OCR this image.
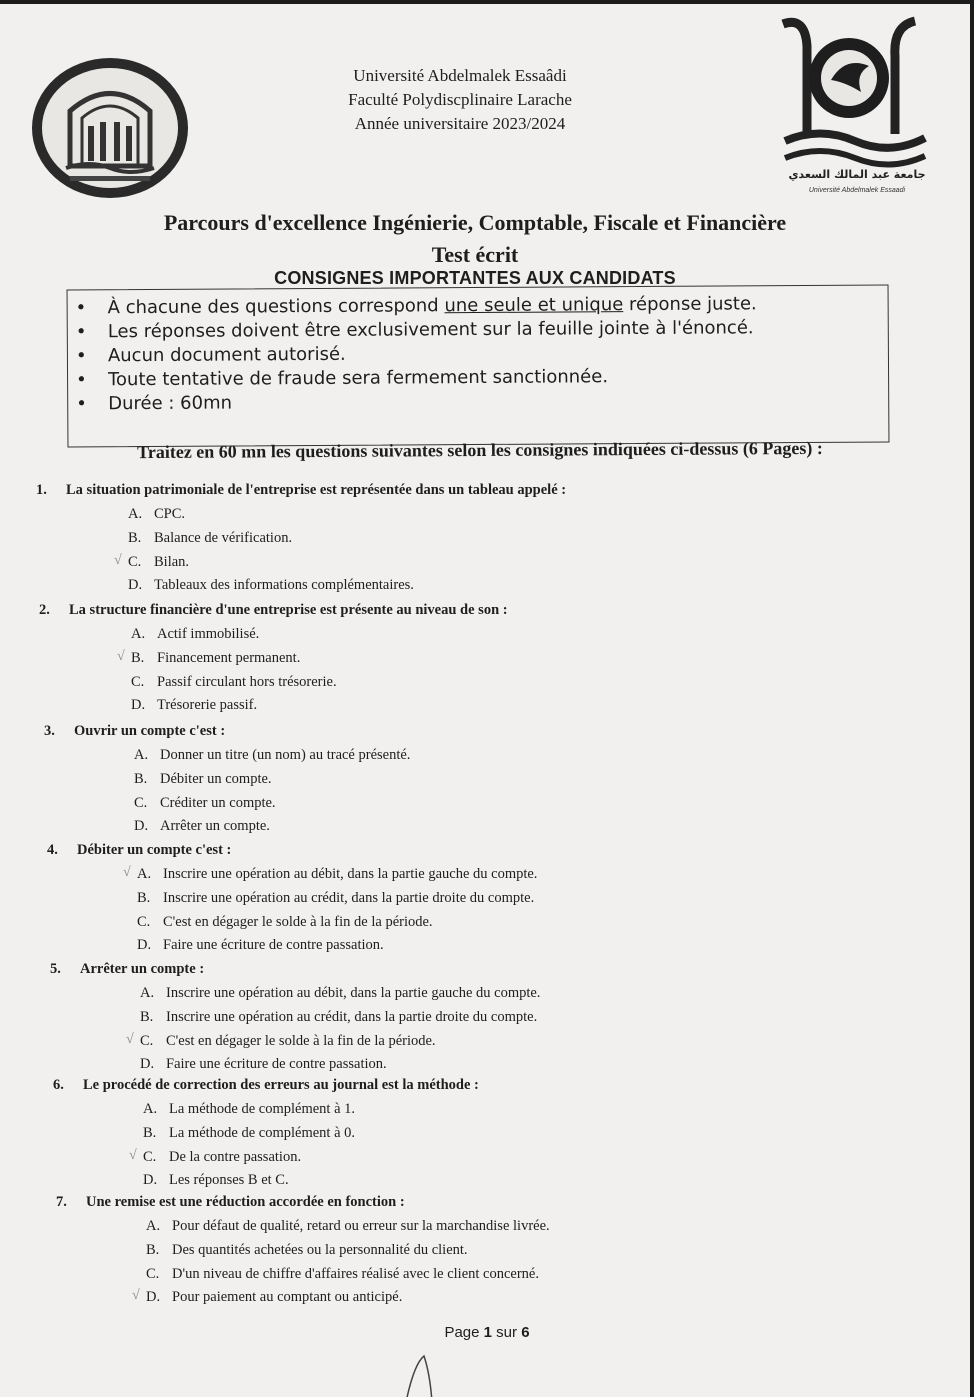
جامعة عبد المالك السعدي
Université Abdelmalek Essaadi
Université Abdelmalek Essaâdi
Faculté Polydiscplinaire Larache
Année universitaire 2023/2024
Parcours d'excellence Ingénierie, Comptable, Fiscale et Financière
Test écrit
CONSIGNES IMPORTANTES AUX CANDIDATS
• À chacune des questions correspond une seule et unique réponse juste.
• Les réponses doivent être exclusivement sur la feuille jointe à l'énoncé.
• Aucun document autorisé.
• Toute tentative de fraude sera fermement sanctionnée.
• Durée : 60mn
Traitez en 60 mn les questions suivantes selon les consignes indiquées ci-dessus (6 Pages) :
1. La situation patrimoniale de l'entreprise est représentée dans un tableau appelé :
A. CPC.
B. Balance de vérification.
C. Bilan.
D. Tableaux des informations complémentaires.
2. La structure financière d'une entreprise est présente au niveau de son :
A. Actif immobilisé.
B. Financement permanent.
C. Passif circulant hors trésorerie.
D. Trésorerie passif.
3. Ouvrir un compte c'est :
A. Donner un titre (un nom) au tracé présenté.
B. Débiter un compte.
C. Créditer un compte.
D. Arrêter un compte.
4. Débiter un compte c'est :
A. Inscrire une opération au débit, dans la partie gauche du compte.
B. Inscrire une opération au crédit, dans la partie droite du compte.
C. C'est en dégager le solde à la fin de la période.
D. Faire une écriture de contre passation.
5. Arrêter un compte :
A. Inscrire une opération au débit, dans la partie gauche du compte.
B. Inscrire une opération au crédit, dans la partie droite du compte.
C. C'est en dégager le solde à la fin de la période.
D. Faire une écriture de contre passation.
6. Le procédé de correction des erreurs au journal est la méthode :
A. La méthode de complément à 1.
B. La méthode de complément à 0.
C. De la contre passation.
D. Les réponses B et C.
7. Une remise est une réduction accordée en fonction :
A. Pour défaut de qualité, retard ou erreur sur la marchandise livrée.
B. Des quantités achetées ou la personnalité du client.
C. D'un niveau de chiffre d'affaires réalisé avec le client concerné.
D. Pour paiement au comptant ou anticipé.
√
√
√
√
√
√
Page 1 sur 6
